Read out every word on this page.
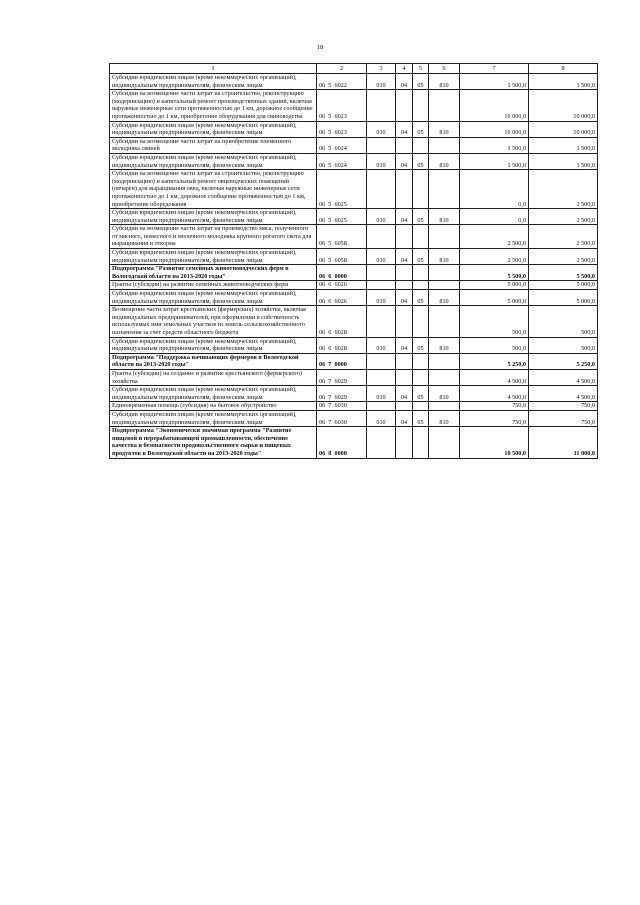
18
1	2	3	4	5	6	7	8
Субсидии юридическим лицам (кроме некоммерческих организаций), индивидуальным предпринимателям, физическим лицам	06  5  6022	010	04	05	810	1 500,0	1 500,0
Субсидии на возмещение части затрат на строительство, реконструкцию (модернизацию) и капитальный ремонт производственных зданий, включая наружные инженерные сети протяженностью до 1 км, дорожное сообщение протяженностью до 1 км, приобретение оборудования для свиноводства	06  5  6023					10 000,0	10 000,0
Субсидии юридическим лицам (кроме некоммерческих организаций), индивидуальным предпринимателям, физическим лицам	06  5  6023	010	04	05	810	10 000,0	10 000,0
Субсидии на возмещение части затрат на приобретение племенного молодняка свиней	06  5  6024					1 500,0	1 500,0
Субсидии юридическим лицам (кроме некоммерческих организаций), индивидуальным предпринимателям, физическим лицам	06  5  6024	010	04	05	810	1 500,0	1 500,0
Субсидии на возмещение части затрат на строительство, реконструкцию (модернизацию) и капитальный ремонт овцеводческих помещений (овчарен) для выращивания овец, включая наружные инженерные сети протяженностью до 1 км, дорожное сообщение протяженностью до 1 км, приобретение оборудования	06  5  6025					0,0	2 500,0
Субсидии юридическим лицам (кроме некоммерческих организаций), индивидуальным предпринимателям, физическим лицам	06  5  6025	010	04	05	810	0,0	2 500,0
Субсидии на возмещение части затрат на производство мяса, полученного от мясного, помесного и молочного молодняка крупного рогатого скота для выращивания и откорма	06  5  6058					2 500,0	2 500,0
Субсидии юридическим лицам (кроме некоммерческих организаций), индивидуальным предпринимателям, физическим лицам	06  5  6058	010	04	05	810	2 500,0	2 500,0
Подпрограмма "Развитие семейных животноводческих ферм в Вологодской области на 2013-2020 годы"	06  6  0000					5 500,0	5 500,0
Гранты (субсидии) на развитие семейных животноводческих ферм	06  6  6026					5 000,0	5 000,0
Субсидии юридическим лицам (кроме некоммерческих организаций), индивидуальным предпринимателям, физическим лицам	06  6  6026	010	04	05	810	5 000,0	5 000,0
Возмещение части затрат крестьянских (фермерских) хозяйства, включая индивидуальных предпринимателей, при оформлении в собственность используемых ими земельных участков из земель сельскохозяйственного назначения за счет средств областного бюджета	06  6  6028					500,0	500,0
Субсидии юридическим лицам (кроме некоммерческих организаций), индивидуальным предпринимателям, физическим лицам	06  6  6028	010	04	05	810	500,0	500,0
Подпрограмма "Поддержка начинающих фермеров в Вологодской области на 2013-2020 годы"	06  7  0000					5 250,0	5 250,0
Гранты (субсидии) на создание и развитие крестьянского (фермерского) хозяйства	06  7  6029					4 500,0	4 500,0
Субсидии юридическим лицам (кроме некоммерческих организаций), индивидуальным предпринимателям, физическим лицам	06  7  6029	010	04	05	810	4 500,0	4 500,0
Единовременная помощь (субсидия) на бытовое обустройство	06  7  6030					750,0	750,0
Субсидии юридическим лицам (кроме некоммерческих организаций), индивидуальным предпринимателям, физическим лицам	06  7  6030	010	04	05	810	750,0	750,0
Подпрограмма "Экономически значимая программа "Развитие пищевой и перерабатывающей промышленности, обеспечение качества и безопасности продовольственного сырья и пищевых продуктов в Вологодской области на 2013-2020 годы"	06  8  0000					10 500,0	11 000,0
